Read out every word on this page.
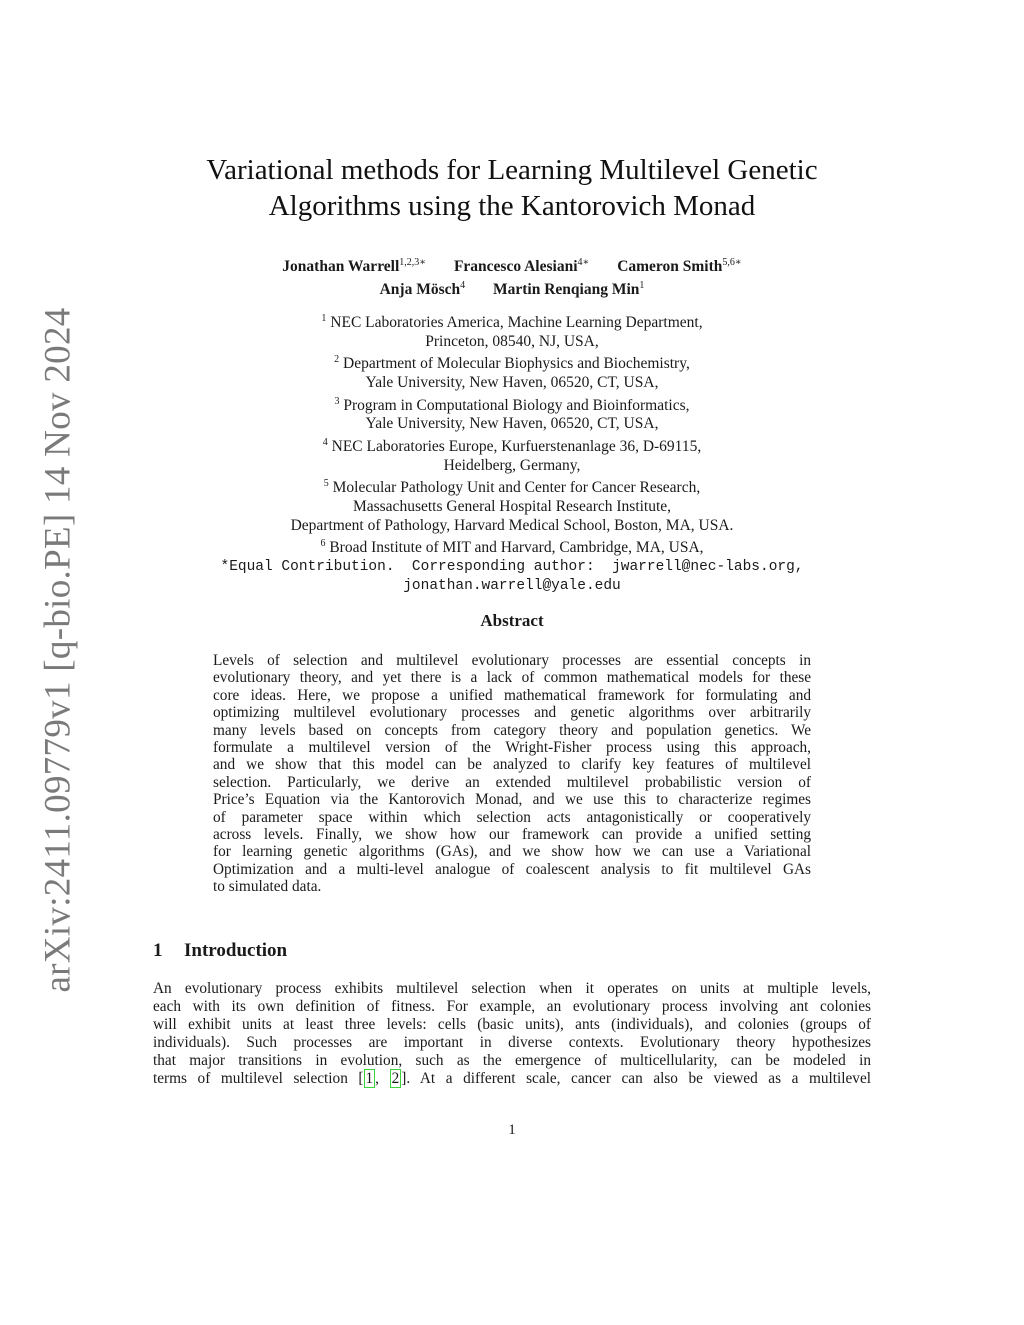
arXiv:2411.09779v1 [q-bio.PE] 14 Nov 2024
Variational methods for Learning Multilevel Genetic
Algorithms using the Kantorovich Monad
Jonathan Warrell$^{1,2,3∗}$ Francesco Alesiani$^{4∗}$ Cameron Smith$^{5,6∗}$
Anja Mösch$^4$ Martin Renqiang Min$^1$
$^1$ NEC Laboratories America, Machine Learning Department,
Princeton, 08540, NJ, USA,
$^2$ Department of Molecular Biophysics and Biochemistry,
Yale University, New Haven, 06520, CT, USA,
$^3$ Program in Computational Biology and Bioinformatics,
Yale University, New Haven, 06520, CT, USA,
$^4$ NEC Laboratories Europe, Kurfuerstenanlage 36, D-69115,
Heidelberg, Germany,
$^5$ Molecular Pathology Unit and Center for Cancer Research,
Massachusetts General Hospital Research Institute,
Department of Pathology, Harvard Medical School, Boston, MA, USA.
$^6$ Broad Institute of MIT and Harvard, Cambridge, MA, USA,
*Equal Contribution.  Corresponding author:  jwarrell@nec-labs.org,
jonathan.warrell@yale.edu
Abstract
Levels of selection and multilevel evolutionary processes are essential concepts in
evolutionary theory, and yet there is a lack of common mathematical models for these
core ideas. Here, we propose a unified mathematical framework for formulating and
optimizing multilevel evolutionary processes and genetic algorithms over arbitrarily
many levels based on concepts from category theory and population genetics. We
formulate a multilevel version of the Wright-Fisher process using this approach,
and we show that this model can be analyzed to clarify key features of multilevel
selection. Particularly, we derive an extended multilevel probabilistic version of
Price’s Equation via the Kantorovich Monad, and we use this to characterize regimes
of parameter space within which selection acts antagonistically or cooperatively
across levels. Finally, we show how our framework can provide a unified setting
for learning genetic algorithms (GAs), and we show how we can use a Variational
Optimization and a multi-level analogue of coalescent analysis to fit multilevel GAs
to simulated data.
1 Introduction
An evolutionary process exhibits multilevel selection when it operates on units at multiple levels,
each with its own definition of fitness. For example, an evolutionary process involving ant colonies
will exhibit units at least three levels: cells (basic units), ants (individuals), and colonies (groups of
individuals). Such processes are important in diverse contexts. Evolutionary theory hypothesizes
that major transitions in evolution, such as the emergence of multicellularity, can be modeled in
terms of multilevel selection [ 1 , 2 ]. At a different scale, cancer can also be viewed as a multilevel
1
